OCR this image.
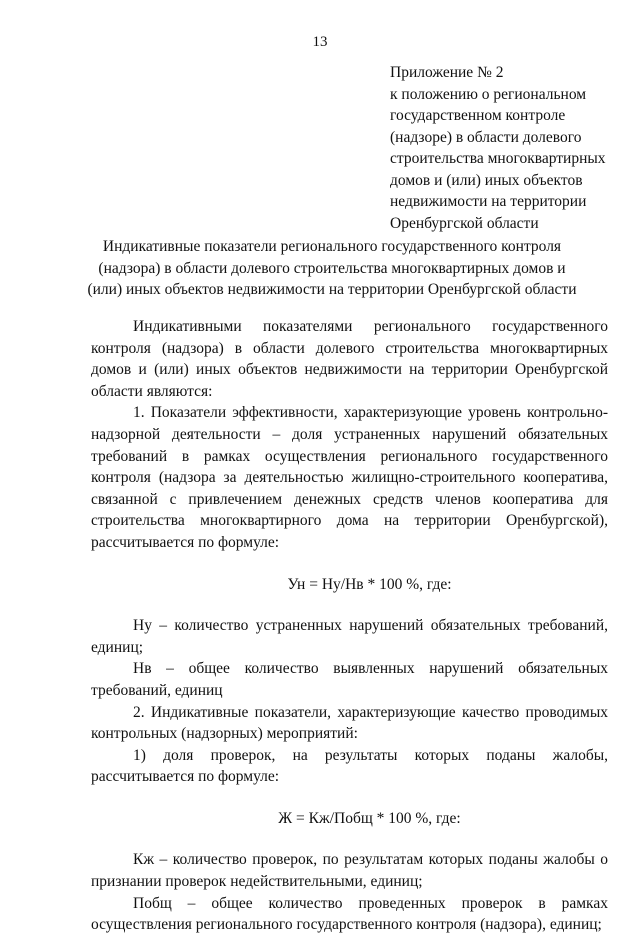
13
Приложение № 2
к положению о региональном
государственном контроле
(надзоре) в области долевого
строительства многоквартирных
домов и (или) иных объектов
недвижимости на территории
Оренбургской области
Индикативные показатели регионального государственного контроля (надзора) в области долевого строительства многоквартирных домов и (или) иных объектов недвижимости на территории Оренбургской области

Индикативными показателями регионального государственного контроля (надзора) в области долевого строительства многоквартирных домов и (или) иных объектов недвижимости на территории Оренбургской области являются:

1. Показатели эффективности, характеризующие уровень контрольно-надзорной деятельности – доля устраненных нарушений обязательных требований в рамках осуществления регионального государственного контроля (надзора за деятельностью жилищно-строительного кооператива, связанной с привлечением денежных средств членов кооператива для строительства многоквартирного дома на территории Оренбургской), рассчитывается по формуле:

Ун = Ну/Нв * 100 %, где:

Ну – количество устраненных нарушений обязательных требований, единиц;

Нв – общее количество выявленных нарушений обязательных требований, единиц

2. Индикативные показатели, характеризующие качество проводимых контрольных (надзорных) мероприятий:

1) доля проверок, на результаты которых поданы жалобы, рассчитывается по формуле:

Ж = Кж/Побщ * 100 %, где:

Кж – количество проверок, по результатам которых поданы жалобы о признании проверок недействительными, единиц;

Побщ – общее количество проведенных проверок в рамках осуществления регионального государственного контроля (надзора), единиц;
